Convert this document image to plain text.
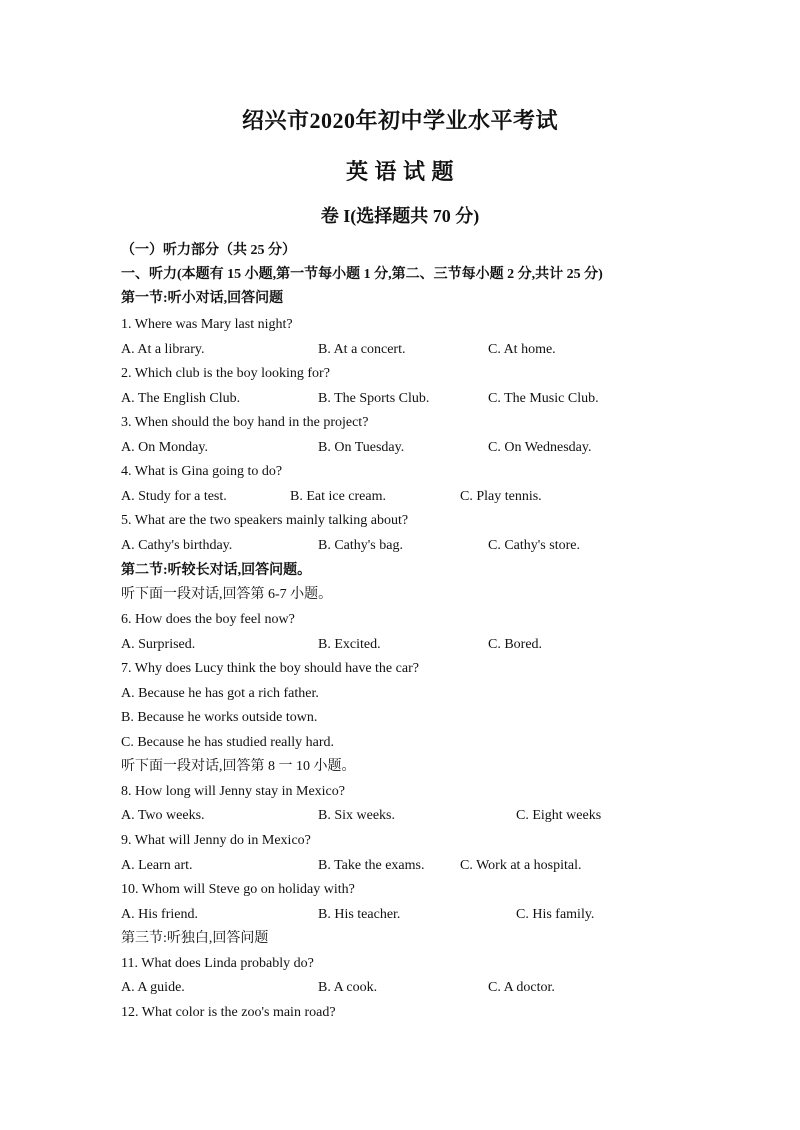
绍兴市2020年初中学业水平考试
英 语 试 题
卷 I(选择题共 70 分)
（一）听力部分（共 25 分）
一、听力(本题有 15 小题,第一节每小题 1 分,第二、三节每小题 2 分,共计 25 分)
第一节:听小对话,回答问题
1. Where was Mary last night?
A. At a library.	B. At a concert.	C. At home.
2. Which club is the boy looking for?
A. The English Club.	B. The Sports Club.	C. The Music Club.
3. When should the boy hand in the project?
A. On Monday.	B. On Tuesday.	C. On Wednesday.
4. What is Gina going to do?
A. Study for a test.	B. Eat ice cream.	C. Play tennis.
5. What are the two speakers mainly talking about?
A. Cathy's birthday.	B. Cathy's bag.	C. Cathy's store.
第二节:听较长对话,回答问题。
听下面一段对话,回答第 6-7 小题。
6. How does the boy feel now?
A. Surprised.	B. Excited.	C. Bored.
7. Why does Lucy think the boy should have the car?
A. Because he has got a rich father.
B. Because he works outside town.
C. Because he has studied really hard.
听下面一段对话,回答第 8 一 10 小题。
8. How long will Jenny stay in Mexico?
A. Two weeks.	B. Six weeks.	C. Eight weeks
9. What will Jenny do in Mexico?
A. Learn art.	B. Take the exams.	C. Work at a hospital.
10. Whom will Steve go on holiday with?
A. His friend.	B. His teacher.	C. His family.
第三节:听独白,回答问题
11. What does Linda probably do?
A. A guide.	B. A cook.	C. A doctor.
12. What color is the zoo's main road?
